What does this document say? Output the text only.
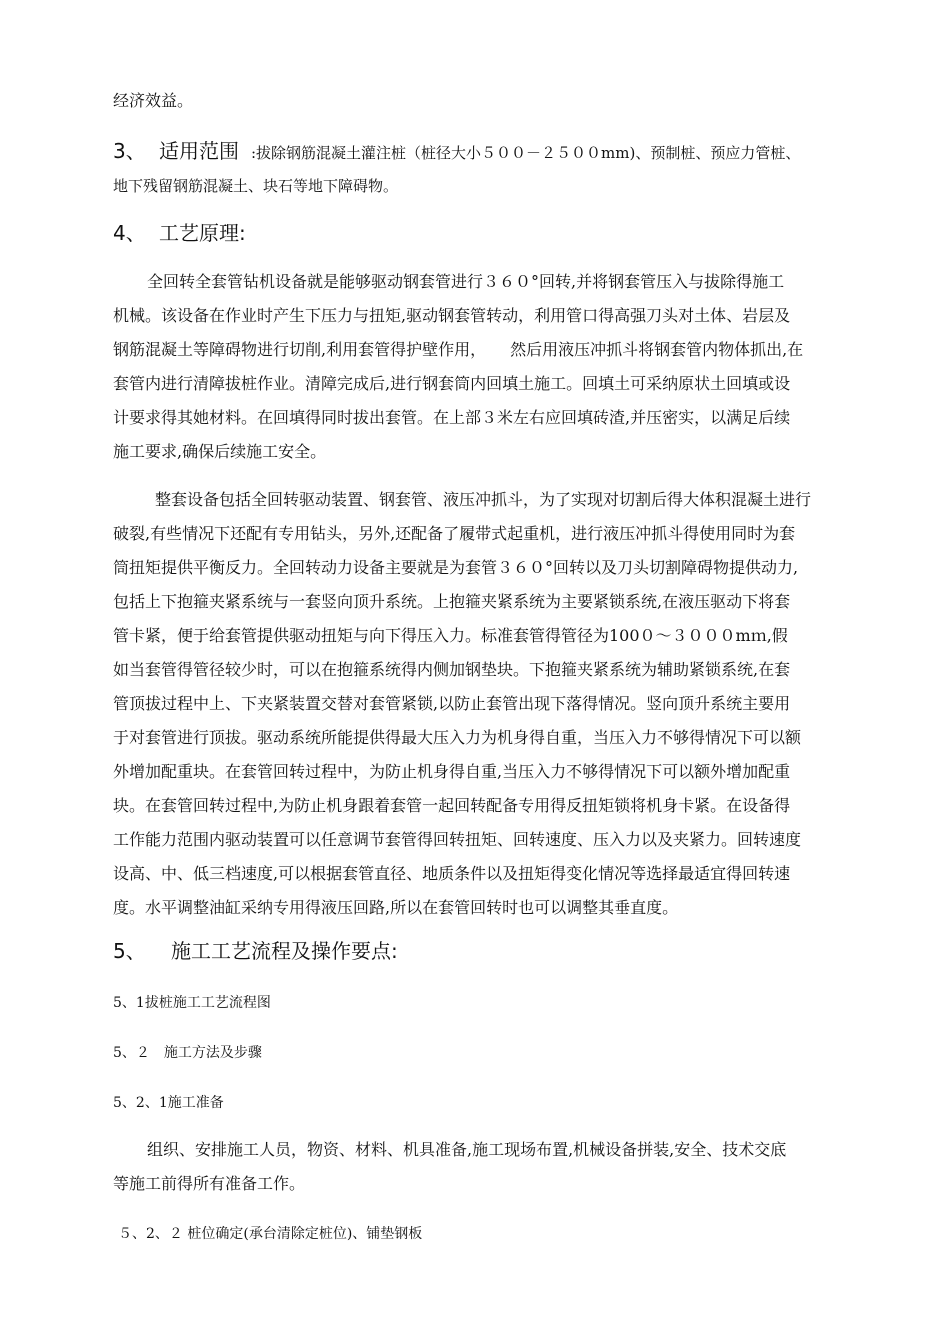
经济效益。
3、 适用范围 :拔除钢筋混凝土灌注桩（桩径大小５００－２５００mm)、预制桩、预应力管桩、
地下残留钢筋混凝土、块石等地下障碍物。
4、 工艺原理:
全回转全套管钻机设备就是能够驱动钢套管进行３６０°回转,并将钢套管压入与拔除得施工
机械。该设备在作业时产生下压力与扭矩,驱动钢套管转动，利用管口得高强刀头对土体、岩层及
钢筋混凝土等障碍物进行切削,利用套管得护壁作用，　　然后用液压冲抓斗将钢套管内物体抓出,在
套管内进行清障拔桩作业。清障完成后,进行钢套筒内回填土施工。回填土可采纳原状土回填或设
计要求得其她材料。在回填得同时拔出套管。在上部３米左右应回填砖渣,并压密实，以满足后续
施工要求,确保后续施工安全。
整套设备包括全回转驱动装置、钢套管、液压冲抓斗，为了实现对切割后得大体积混凝土进行
破裂,有些情况下还配有专用钻头，另外,还配备了履带式起重机，进行液压冲抓斗得使用同时为套
筒扭矩提供平衡反力。全回转动力设备主要就是为套管３６０°回转以及刀头切割障碍物提供动力,
包括上下抱箍夹紧系统与一套竖向顶升系统。上抱箍夹紧系统为主要紧锁系统,在液压驱动下将套
管卡紧，便于给套管提供驱动扭矩与向下得压入力。标准套管得管径为100０～３０００mｍ,假
如当套管得管径较少时，可以在抱箍系统得内侧加钢垫块。下抱箍夹紧系统为辅助紧锁系统,在套
管顶拔过程中上、下夹紧装置交替对套管紧锁,以防止套管出现下落得情况。竖向顶升系统主要用
于对套管进行顶拔。驱动系统所能提供得最大压入力为机身得自重，当压入力不够得情况下可以额
外增加配重块。在套管回转过程中，为防止机身得自重,当压入力不够得情况下可以额外增加配重
块。在套管回转过程中,为防止机身跟着套管一起回转配备专用得反扭矩锁将机身卡紧。在设备得
工作能力范围内驱动装置可以任意调节套管得回转扭矩、回转速度、压入力以及夹紧力。回转速度
设高、中、低三档速度,可以根据套管直径、地质条件以及扭矩得变化情况等选择最适宜得回转速
度。水平调整油缸采纳专用得液压回路,所以在套管回转时也可以调整其垂直度。
5、 施工工艺流程及操作要点:
5、1拔桩施工工艺流程图
5、２　施工方法及步骤
5、2、1施工准备
组织、安排施工人员，物资、材料、机具准备,施工现场布置,机械设备拼装,安全、技术交底
等施工前得所有准备工作。
５、2、２ 桩位确定(承台清除定桩位)、铺垫钢板
